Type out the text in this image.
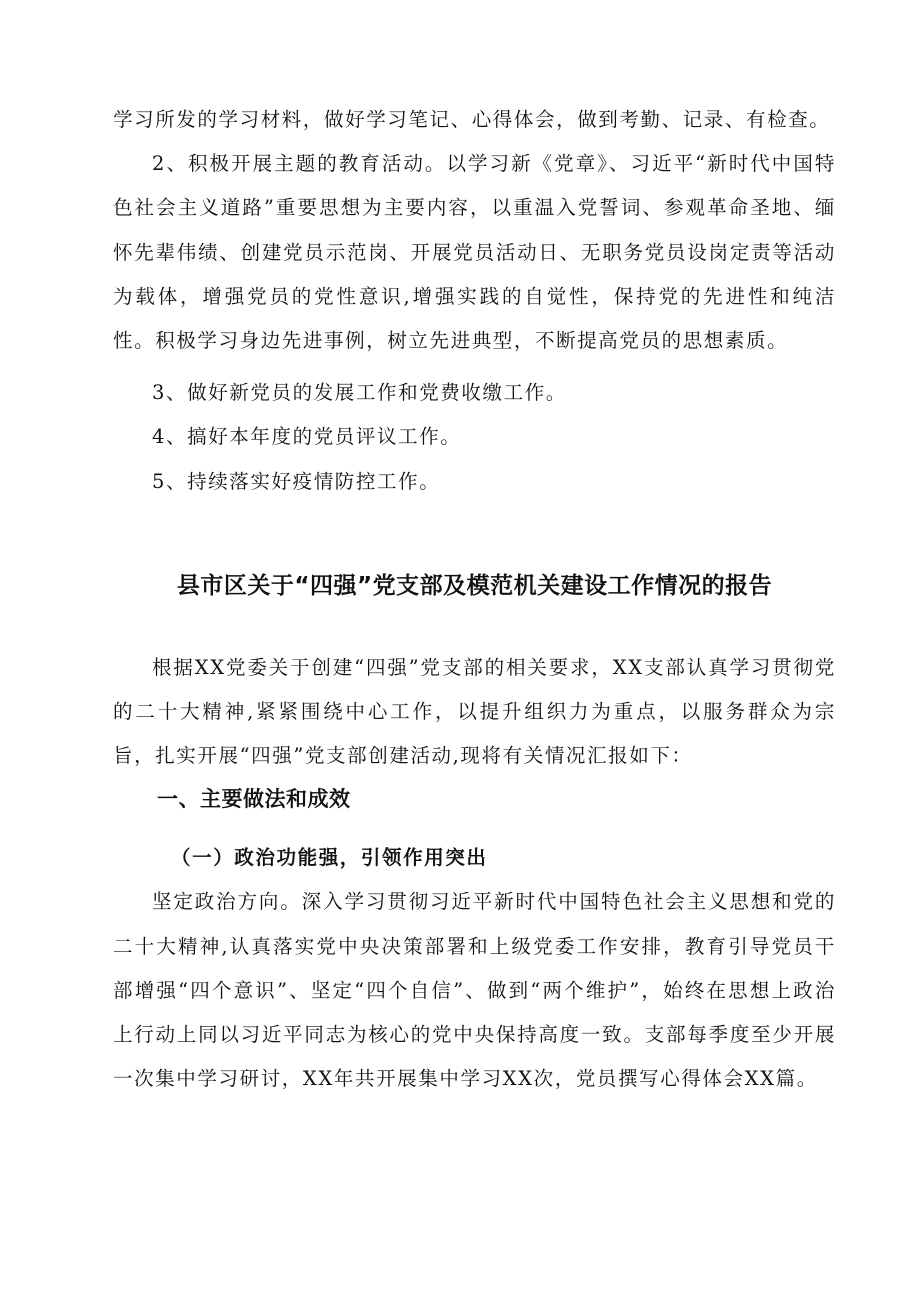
学习所发的学习材料，做好学习笔记、心得体会，做到考勤、记录、有检查。

2、积极开展主题的教育活动。以学习新《党章》、习近平“新时代中国特色社会主义道路”重要思想为主要内容，以重温入党誓词、参观革命圣地、缅怀先辈伟绩、创建党员示范岗、开展党员活动日、无职务党员设岗定责等活动为载体，增强党员的党性意识,增强实践的自觉性，保持党的先进性和纯洁性。积极学习身边先进事例，树立先进典型，不断提高党员的思想素质。

3、做好新党员的发展工作和党费收缴工作。

4、搞好本年度的党员评议工作。

5、持续落实好疫情防控工作。

县市区关于“四强”党支部及模范机关建设工作情况的报告

根据XX党委关于创建“四强”党支部的相关要求，XX支部认真学习贯彻党的二十大精神,紧紧围绕中心工作，以提升组织力为重点，以服务群众为宗旨，扎实开展“四强”党支部创建活动,现将有关情况汇报如下：

一、主要做法和成效
（一）政治功能强，引领作用突出

坚定政治方向。深入学习贯彻习近平新时代中国特色社会主义思想和党的二十大精神,认真落实党中央决策部署和上级党委工作安排，教育引导党员干部增强“四个意识”、坚定“四个自信”、做到“两个维护”，始终在思想上政治上行动上同以习近平同志为核心的党中央保持高度一致。支部每季度至少开展一次集中学习研讨，XX年共开展集中学习XX次，党员撰写心得体会XX篇。
